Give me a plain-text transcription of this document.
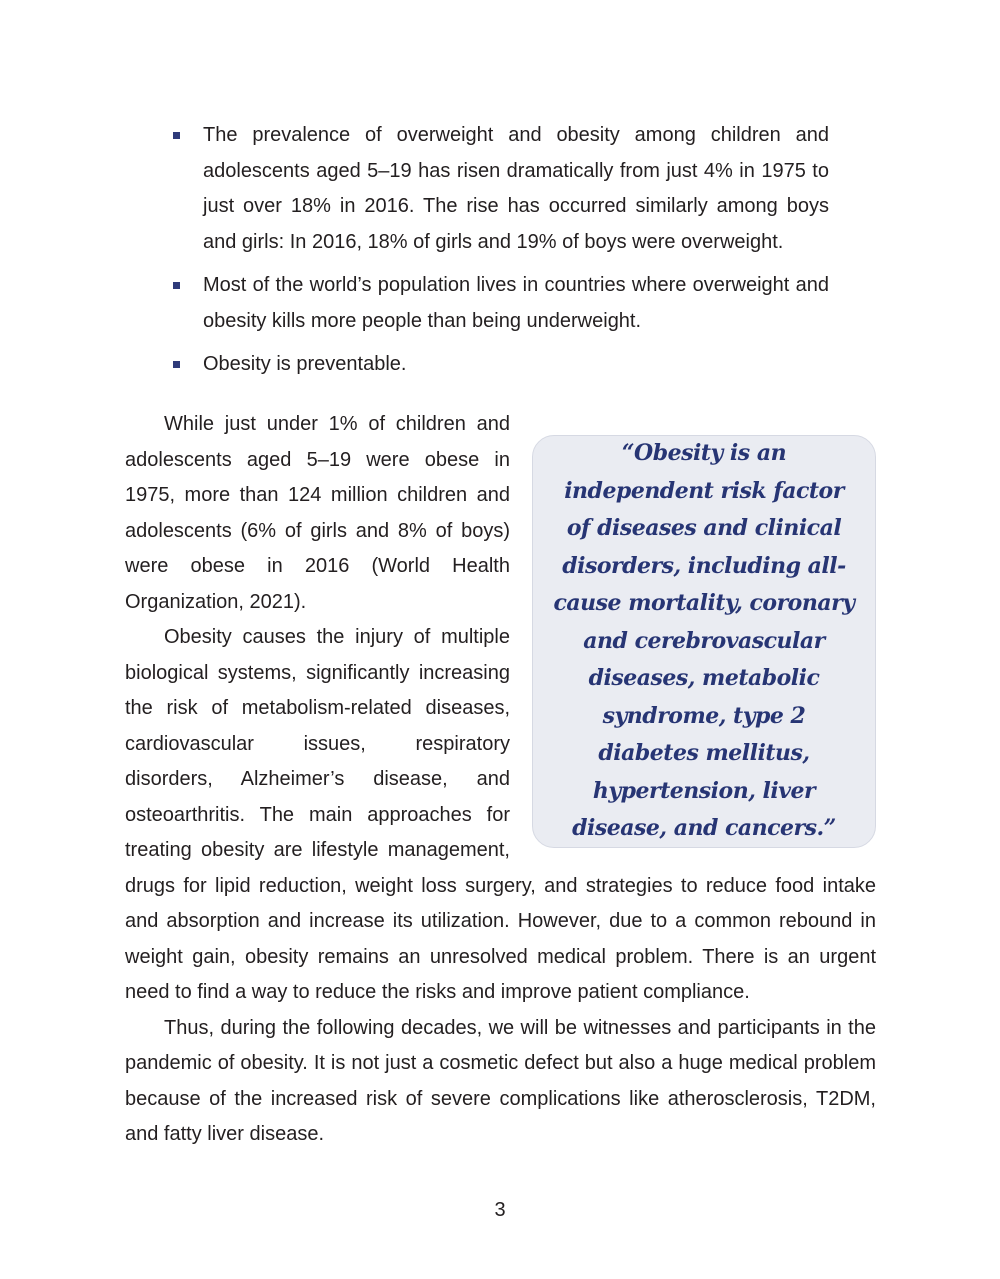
The prevalence of overweight and obesity among children and adolescents aged 5–19 has risen dramatically from just 4% in 1975 to just over 18% in 2016. The rise has occurred similarly among boys and girls: In 2016, 18% of girls and 19% of boys were overweight.
Most of the world’s population lives in countries where overweight and obesity kills more people than being underweight.
Obesity is preventable.

“Obesity is an independent risk factor of diseases and clinical disorders, including all-cause mortality, coronary and cerebrovascular diseases, metabolic syndrome, type 2 diabetes mellitus, hypertension, liver disease, and cancers.”

While just under 1% of children and adolescents aged 5–19 were obese in 1975, more than 124 million children and adolescents (6% of girls and 8% of boys) were obese in 2016 (World Health Organization, 2021).

Obesity causes the injury of multiple biological systems, significantly increasing the risk of metabolism-related diseases, cardiovascular issues, respiratory disorders, Alzheimer’s disease, and osteoarthritis. The main approaches for treating obesity are lifestyle management, drugs for lipid reduction, weight loss surgery, and strategies to reduce food intake and absorption and increase its utilization. However, due to a common rebound in weight gain, obesity remains an unresolved medical problem. There is an urgent need to find a way to reduce the risks and improve patient compliance.

Thus, during the following decades, we will be witnesses and participants in the pandemic of obesity. It is not just a cosmetic defect but also a huge medical problem because of the increased risk of severe complications like atherosclerosis, T2DM, and fatty liver disease.

3
